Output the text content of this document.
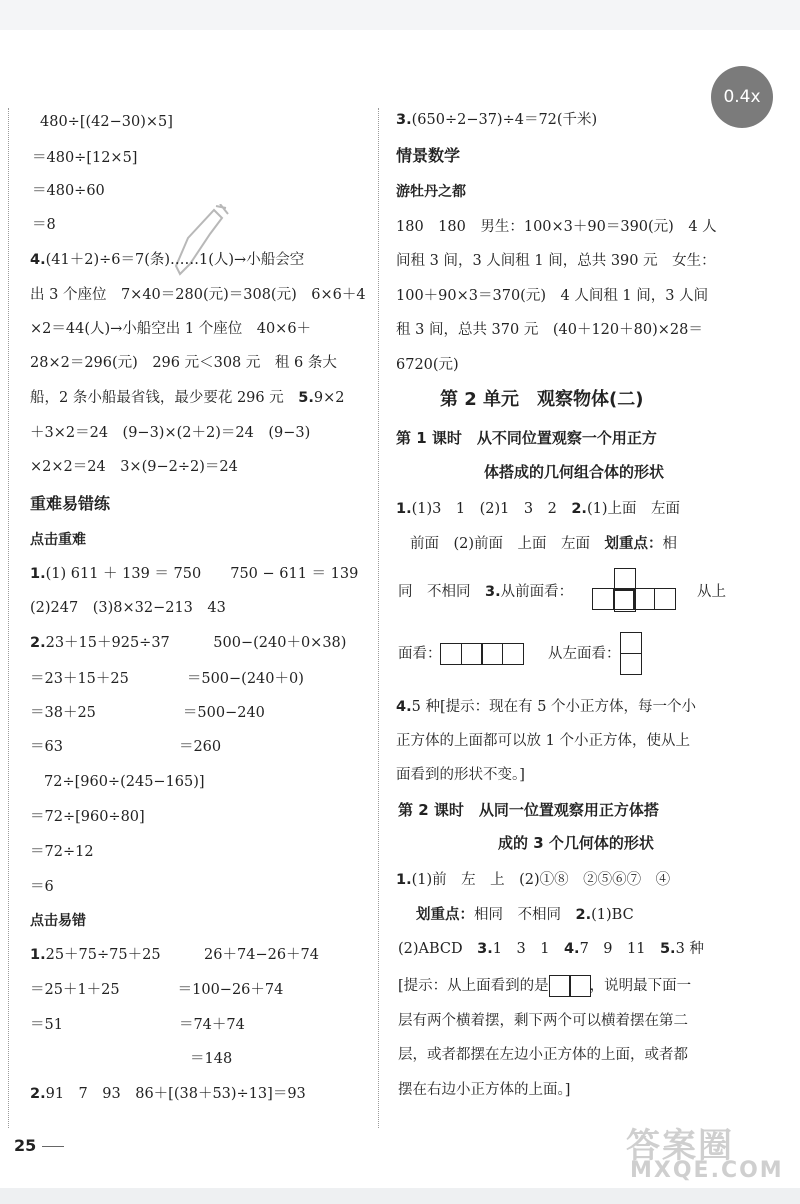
0.4x
480÷[(42−30)×5]
＝480÷[12×5]
＝480÷60
＝8
4.(41＋2)÷6＝7(条)……1(人)→小船会空
出 3 个座位　7×40＝280(元)＝308(元)　6×6＋4
×2＝44(人)→小船空出 1 个座位　40×6＋
28×2＝296(元)　296 元＜308 元　租 6 条大
船，2 条小船最省钱，最少要花 296 元　5.9×2
＋3×2＝24　(9−3)×(2＋2)＝24　(9−3)
×2×2＝24　3×(9−2÷2)＝24
重难易错练
点击重难
1.(1) 611 ＋ 139 ＝ 750　　750 − 611 ＝ 139
(2)247　(3)8×32−213　43
2.23＋15＋925÷37　　　500−(240＋0×38)
＝23＋15＋25　　　　＝500−(240＋0)
＝38＋25　　　　　　＝500−240
＝63　　　　　　　　＝260
72÷[960÷(245−165)]
＝72÷[960÷80]
＝72÷12
＝6
点击易错
1.25＋75÷75＋25　　　26＋74−26＋74
＝25＋1＋25　　　　＝100−26＋74
＝51　　　　　　　　＝74＋74
＝148
2.91　7　93　86＋[(38＋53)÷13]＝93
3.(650÷2−37)÷4＝72(千米)
情景数学
游牡丹之都
180　180　男生：100×3＋90＝390(元)　4 人
间租 3 间，3 人间租 1 间，总共 390 元　女生：
100＋90×3＝370(元)　4 人间租 1 间，3 人间
租 3 间，总共 370 元　(40＋120＋80)×28＝
6720(元)
第 2 单元　观察物体(二)
第 1 课时　从不同位置观察一个用正方
体搭成的几何组合体的形状
1.(1)3　1　(2)1　3　2　2.(1)上面　左面
前面　(2)前面　上面　左面　划重点：相
同　不相同　3.从前面看：	从上
面看：	从左面看：
4.5 种[提示：现在有 5 个小正方体，每一个小
正方体的上面都可以放 1 个小正方体，使从上
面看到的形状不变。]
第 2 课时　从同一位置观察用正方体搭
成的 3 个几何体的形状
1.(1)前　左　上　(2)①⑧　②⑤⑥⑦　④
划重点：相同　不相同　2.(1)BC
(2)ABCD　3.1　3　1　4.7　9　11　5.3 种
[提示：从上面看到的是	，说明最下面一
层有两个横着摆，剩下两个可以横着摆在第二
层，或者都摆在左边小正方体的上面，或者都
摆在右边小正方体的上面。]
25	答案圈
MXQE.COM
